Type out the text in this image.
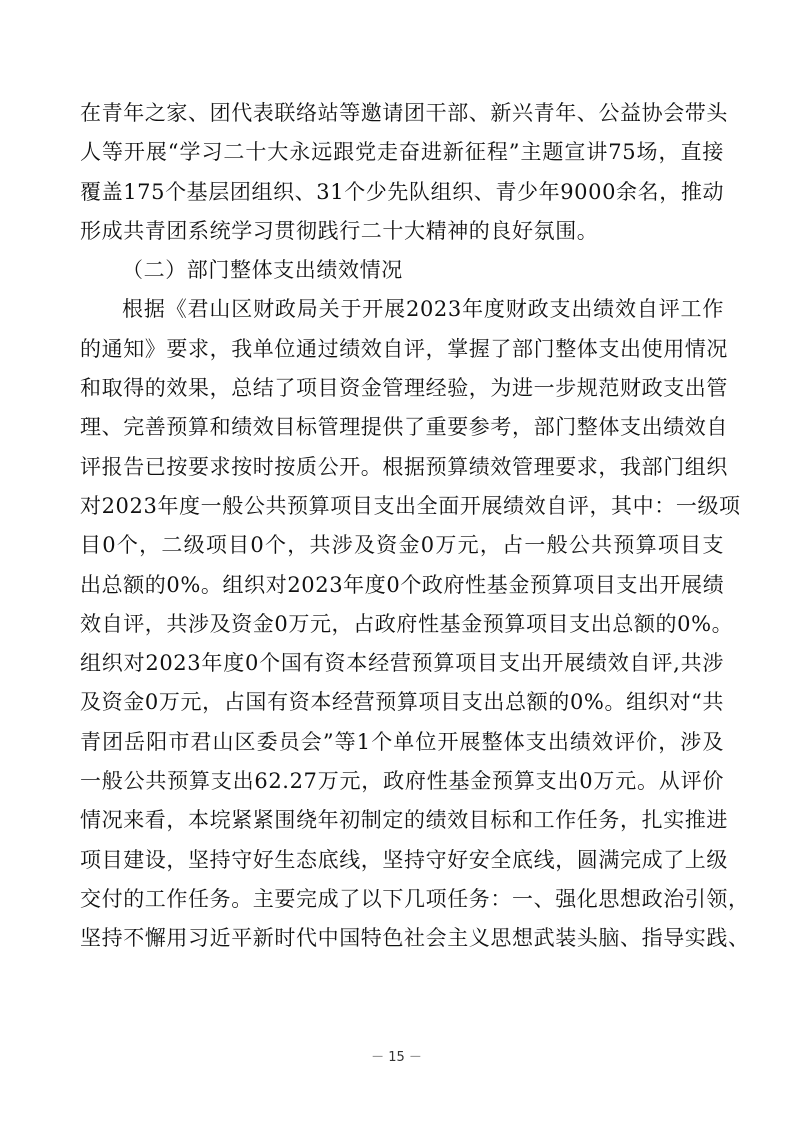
在青年之家、团代表联络站等邀请团干部、新兴青年、公益协会带头
人等开展“学习二十大永远跟党走奋进新征程”主题宣讲75场，直接
覆盖175个基层团组织、31个少先队组织、青少年9000余名，推动
形成共青团系统学习贯彻践行二十大精神的良好氛围。
（二）部门整体支出绩效情况
根据《君山区财政局关于开展2023年度财政支出绩效自评工作
的通知》要求，我单位通过绩效自评，掌握了部门整体支出使用情况
和取得的效果，总结了项目资金管理经验，为进一步规范财政支出管
理、完善预算和绩效目标管理提供了重要参考，部门整体支出绩效自
评报告已按要求按时按质公开。根据预算绩效管理要求，我部门组织
对2023年度一般公共预算项目支出全面开展绩效自评，其中：一级项
目0个，二级项目0个，共涉及资金0万元，占一般公共预算项目支
出总额的0%。组织对2023年度0个政府性基金预算项目支出开展绩
效自评，共涉及资金0万元，占政府性基金预算项目支出总额的0%。
组织对2023年度0个国有资本经营预算项目支出开展绩效自评,共涉
及资金0万元，占国有资本经营预算项目支出总额的0%。组织对“共
青团岳阳市君山区委员会”等1个单位开展整体支出绩效评价，涉及
一般公共预算支出62.27万元，政府性基金预算支出0万元。从评价
情况来看，本垸紧紧围绕年初制定的绩效目标和工作任务，扎实推进
项目建设，坚持守好生态底线，坚持守好安全底线，圆满完成了上级
交付的工作任务。主要完成了以下几项任务：一、强化思想政治引领，
坚持不懈用习近平新时代中国特色社会主义思想武装头脑、指导实践、
－ 15 －
